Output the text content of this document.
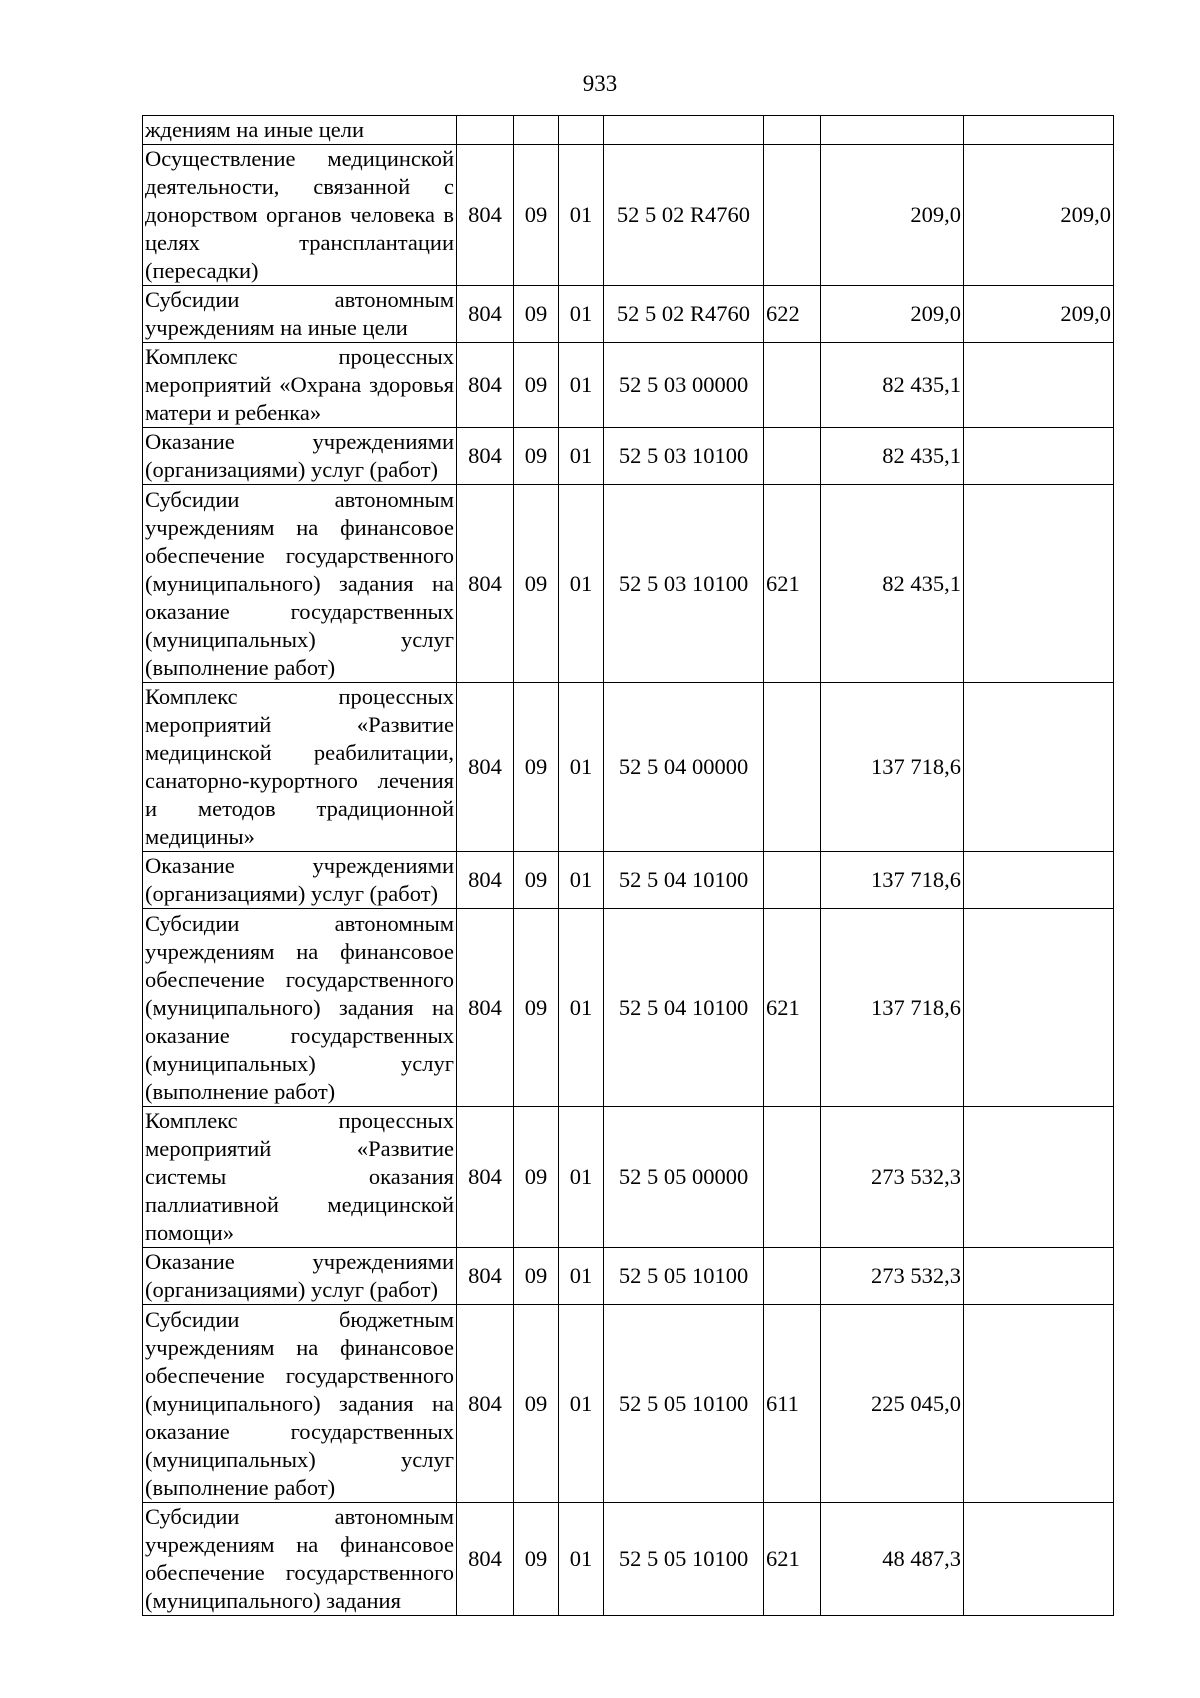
933
ждениям на иные цели							
Осуществление медицинской деятельности, связанной с донорством органов человека в целях трансплантации (пересадки)	804	09	01	52 5 02 R4760		209,0	209,0
Субсидии автономным учреждениям на иные цели	804	09	01	52 5 02 R4760	622	209,0	209,0
Комплекс процессных мероприятий «Охрана здоровья матери и ребенка»	804	09	01	52 5 03 00000		82 435,1	
Оказание учреждениями (организациями) услуг (работ)	804	09	01	52 5 03 10100		82 435,1	
Субсидии автономным учреждениям на финансовое обеспечение государственного (муниципального) задания на оказание государственных (муниципальных) услуг (выполнение работ)	804	09	01	52 5 03 10100	621	82 435,1	
Комплекс процессных мероприятий «Развитие медицинской реабилитации, санаторно-курортного лечения и методов традиционной медицины»	804	09	01	52 5 04 00000		137 718,6	
Оказание учреждениями (организациями) услуг (работ)	804	09	01	52 5 04 10100		137 718,6	
Субсидии автономным учреждениям на финансовое обеспечение государственного (муниципального) задания на оказание государственных (муниципальных) услуг (выполнение работ)	804	09	01	52 5 04 10100	621	137 718,6	
Комплекс процессных мероприятий «Развитие системы оказания паллиативной медицинской помощи»	804	09	01	52 5 05 00000		273 532,3	
Оказание учреждениями (организациями) услуг (работ)	804	09	01	52 5 05 10100		273 532,3	
Субсидии бюджетным учреждениям на финансовое обеспечение государственного (муниципального) задания на оказание государственных (муниципальных) услуг (выполнение работ)	804	09	01	52 5 05 10100	611	225 045,0	
Субсидии автономным учреждениям на финансовое обеспечение государственного (муниципального) задания	804	09	01	52 5 05 10100	621	48 487,3	
